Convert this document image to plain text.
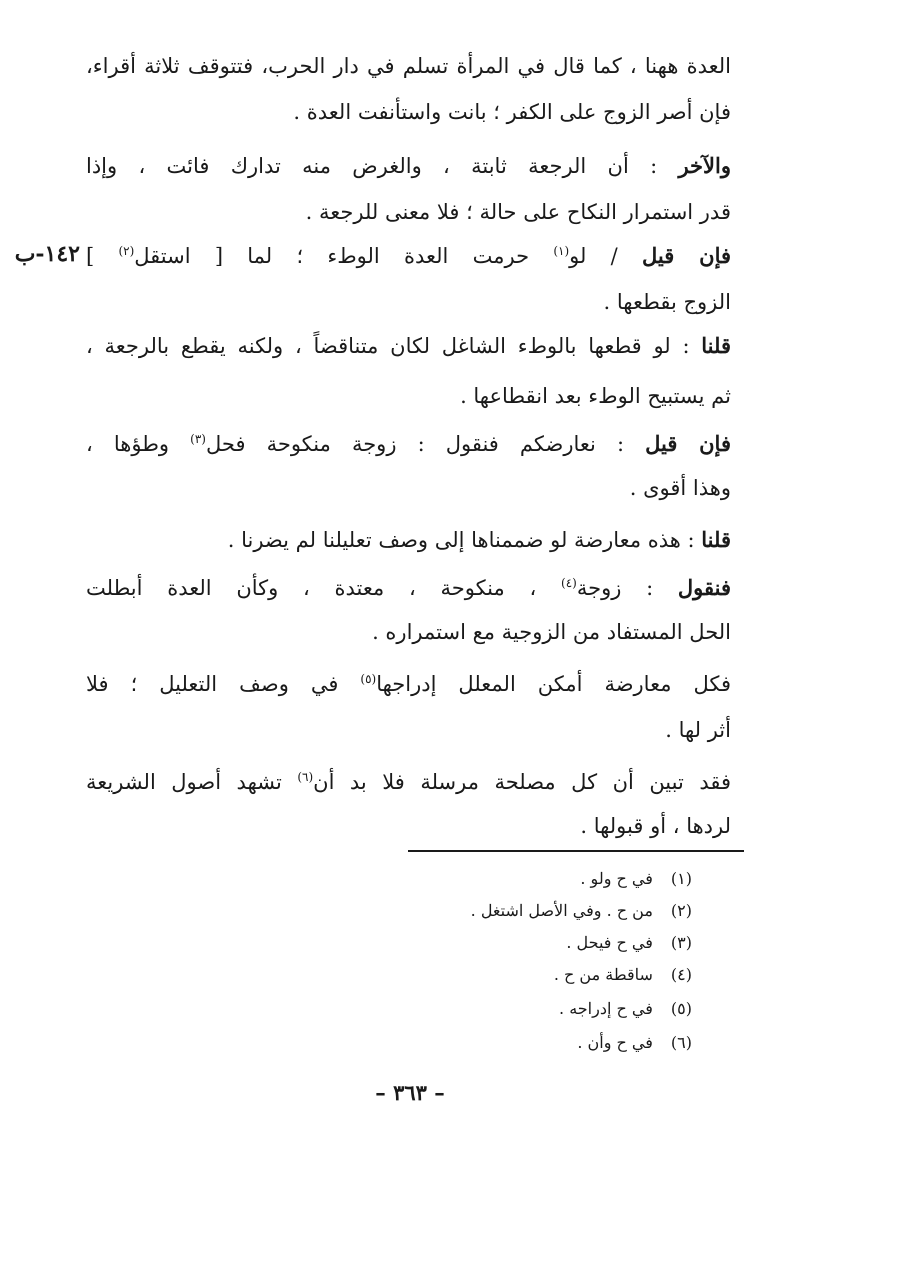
العدة ههنا ، كما قال في المرأة تسلم في دار الحرب، فتتوقف ثلاثة أقراء،
فإن أصر الزوج على الكفر ؛ بانت واستأنفت العدة .
والآخر : أن الرجعة ثابتة ، والغرض منه تدارك فائت ، وإذا
قدر استمرار النكاح على حالة ؛ فلا معنى للرجعة .
فإن قيل / لو$^{(١)}$ حرمت العدة الوطء ؛ لما [ استقل$^{(٢)}$ ]
١٤٢-ب
الزوج بقطعها .
قلنا : لو قطعها بالوطء الشاغل لكان متناقضاً ، ولكنه يقطع بالرجعة ،
ثم يستبيح الوطء بعد انقطاعها .
فإن قيل : نعارضكم فنقول : زوجة منكوحة فحل$^{(٣)}$ وطؤها ،
وهذا أقوى .
قلنا : هذه معارضة لو ضممناها إلى وصف تعليلنا لم يضرنا .
فنقول : زوجة$^{(٤)}$ ، منكوحة ، معتدة ، وكأن العدة أبطلت
الحل المستفاد من الزوجية مع استمراره .
فكل معارضة أمكن المعلل إدراجها$^{(٥)}$ في وصف التعليل ؛ فلا
أثر لها .
فقد تبين أن كل مصلحة مرسلة فلا بد أن$^{(٦)}$ تشهد أصول الشريعة
لردها ، أو قبولها .
(١) في ح ولو .
(٢) من ح . وفي الأصل اشتغل .
(٣) في ح فيحل .
(٤) ساقطة من ح .
(٥) في ح إدراجه .
(٦) في ح وأن .
– ٣٦٣ –
